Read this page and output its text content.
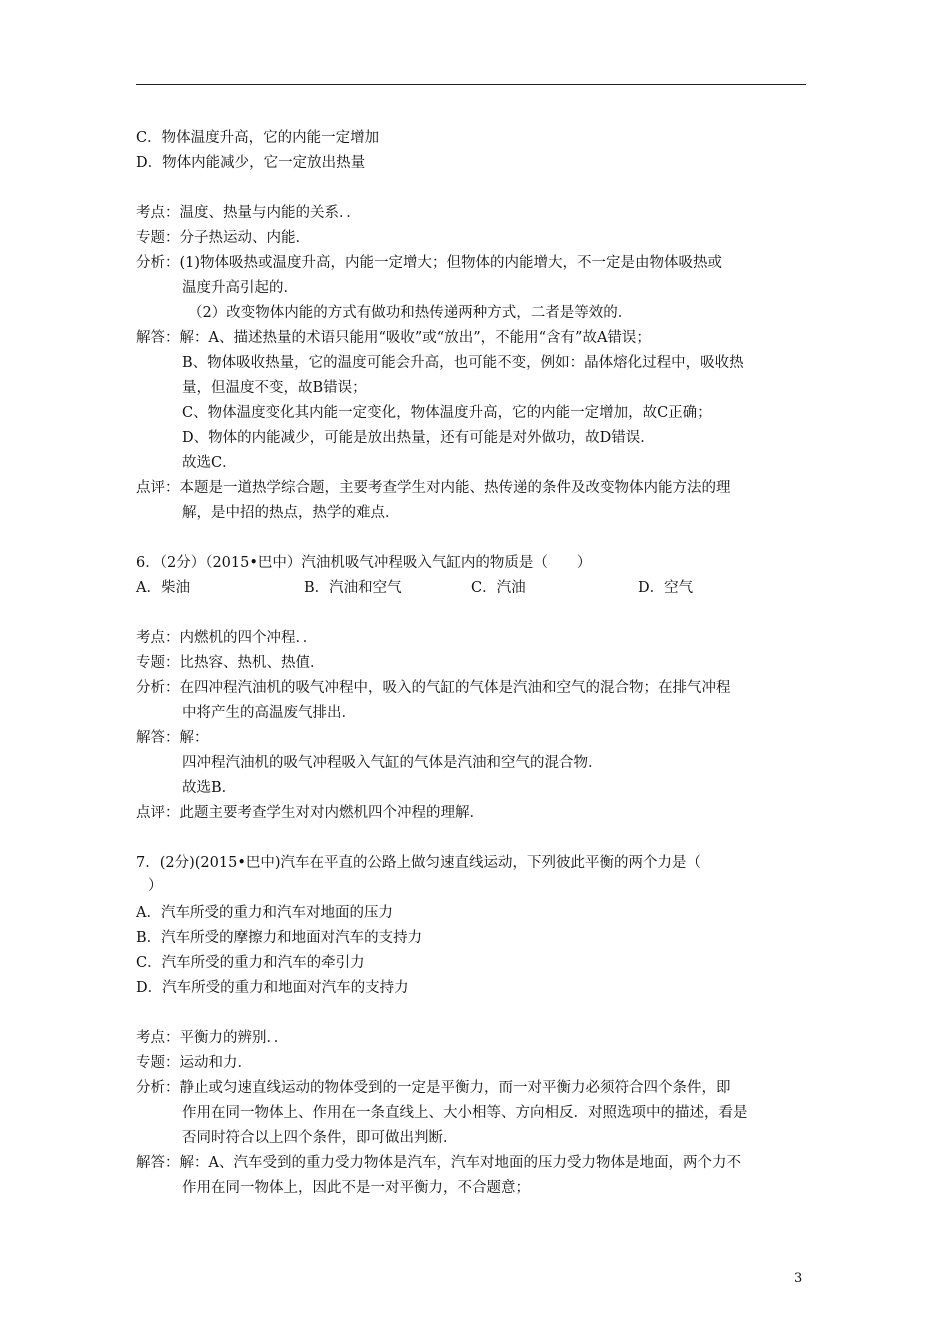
C．物体温度升高，它的内能一定增加
D．物体内能减少，它一定放出热量
考点：温度、热量与内能的关系．．
专题：分子热运动、内能．
分析：(1)物体吸热或温度升高，内能一定增大；但物体的内能增大，不一定是由物体吸热或
温度升高引起的．
（2）改变物体内能的方式有做功和热传递两种方式，二者是等效的．
解答：解：A、描述热量的术语只能用“吸收”或“放出”，不能用“含有”故A错误；
B、物体吸收热量，它的温度可能会升高，也可能不变，例如：晶体熔化过程中，吸收热
量，但温度不变，故B错误；
C、物体温度变化其内能一定变化，物体温度升高，它的内能一定增加，故C正确；
D、物体的内能减少，可能是放出热量，还有可能是对外做功，故D错误．
故选C．
点评：本题是一道热学综合题，主要考查学生对内能、热传递的条件及改变物体内能方法的理
解，是中招的热点，热学的难点．
6．（2分）（2015•巴中）汽油机吸气冲程吸入气缸内的物质是（　　）
A．柴油	B．汽油和空气	C．汽油	D．空气
考点：内燃机的四个冲程．．
专题：比热容、热机、热值．
分析：在四冲程汽油机的吸气冲程中，吸入的气缸的气体是汽油和空气的混合物；在排气冲程
中将产生的高温废气排出．
解答：解：
四冲程汽油机的吸气冲程吸入气缸的气体是汽油和空气的混合物．
故选B．
点评：此题主要考查学生对对内燃机四个冲程的理解．
7．(2分)(2015•巴中)汽车在平直的公路上做匀速直线运动，下列彼此平衡的两个力是（
）
A．汽车所受的重力和汽车对地面的压力
B．汽车所受的摩擦力和地面对汽车的支持力
C．汽车所受的重力和汽车的牵引力
D．汽车所受的重力和地面对汽车的支持力
考点：平衡力的辨别．．
专题：运动和力．
分析：静止或匀速直线运动的物体受到的一定是平衡力，而一对平衡力必须符合四个条件，即
作用在同一物体上、作用在一条直线上、大小相等、方向相反．对照选项中的描述，看是
否同时符合以上四个条件，即可做出判断．
解答：解：A、汽车受到的重力受力物体是汽车，汽车对地面的压力受力物体是地面，两个力不
作用在同一物体上，因此不是一对平衡力，不合题意；
3
